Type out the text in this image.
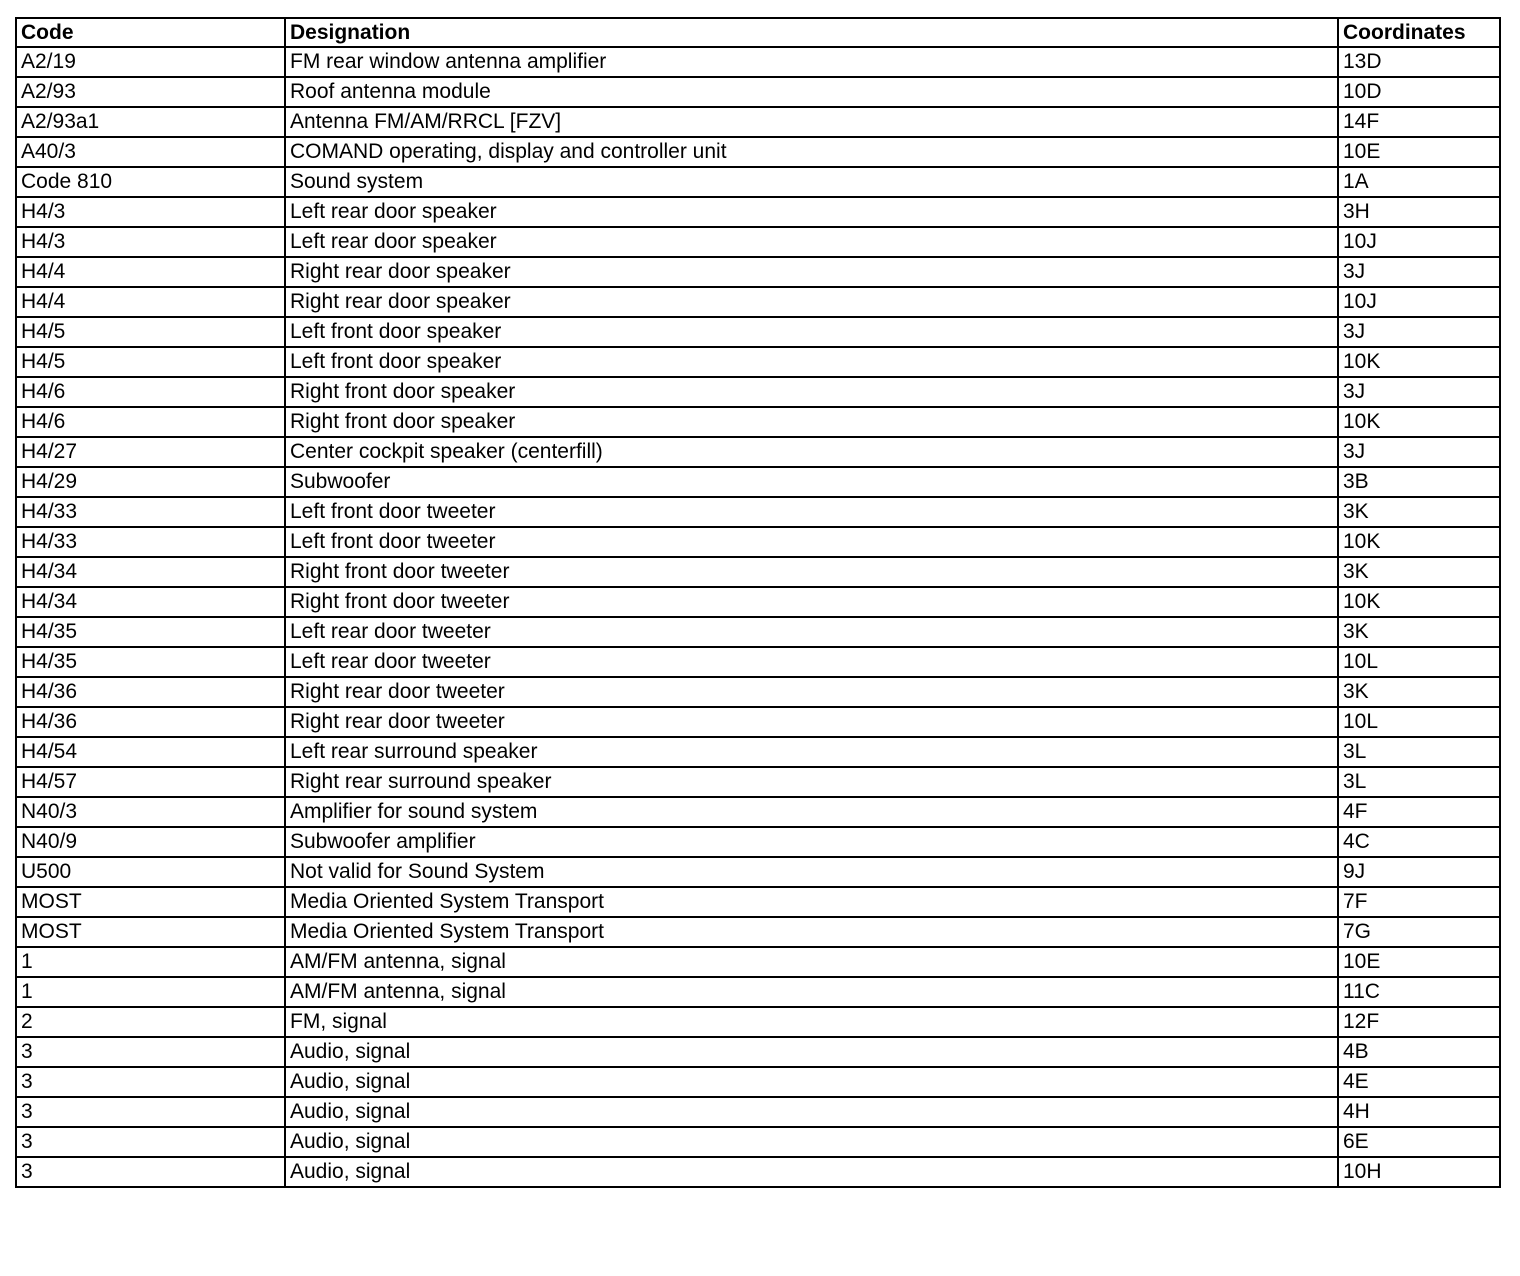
Code	Designation	Coordinates
A2/19	FM rear window antenna amplifier	13D
A2/93	Roof antenna module	10D
A2/93a1	Antenna FM/AM/RRCL [FZV]	14F
A40/3	COMAND operating, display and controller unit	10E
Code 810	Sound system	1A
H4/3	Left rear door speaker	3H
H4/3	Left rear door speaker	10J
H4/4	Right rear door speaker	3J
H4/4	Right rear door speaker	10J
H4/5	Left front door speaker	3J
H4/5	Left front door speaker	10K
H4/6	Right front door speaker	3J
H4/6	Right front door speaker	10K
H4/27	Center cockpit speaker (centerfill)	3J
H4/29	Subwoofer	3B
H4/33	Left front door tweeter	3K
H4/33	Left front door tweeter	10K
H4/34	Right front door tweeter	3K
H4/34	Right front door tweeter	10K
H4/35	Left rear door tweeter	3K
H4/35	Left rear door tweeter	10L
H4/36	Right rear door tweeter	3K
H4/36	Right rear door tweeter	10L
H4/54	Left rear surround speaker	3L
H4/57	Right rear surround speaker	3L
N40/3	Amplifier for sound system	4F
N40/9	Subwoofer amplifier	4C
U500	Not valid for Sound System	9J
MOST	Media Oriented System Transport	7F
MOST	Media Oriented System Transport	7G
1	AM/FM antenna, signal	10E
1	AM/FM antenna, signal	11C
2	FM, signal	12F
3	Audio, signal	4B
3	Audio, signal	4E
3	Audio, signal	4H
3	Audio, signal	6E
3	Audio, signal	10H
